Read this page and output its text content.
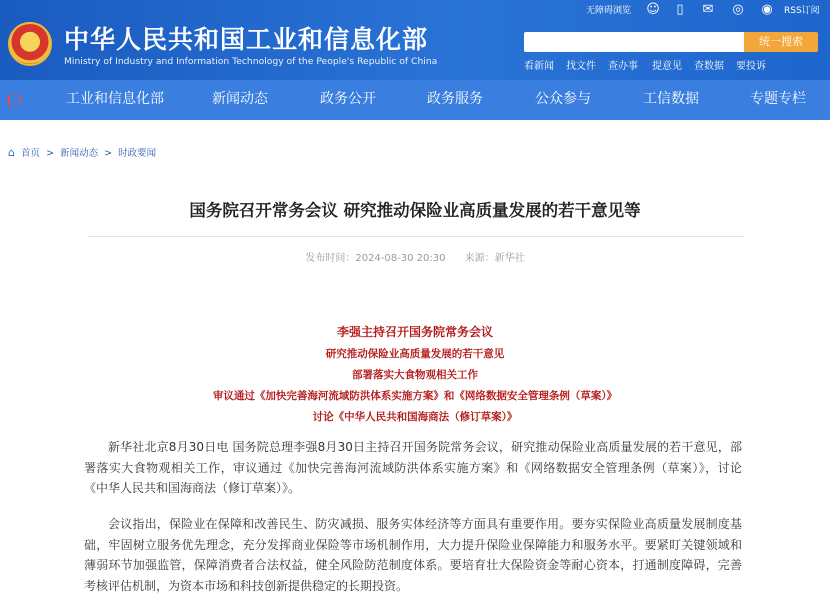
★ 中华人民共和国工业和信息化部
Ministry of Industry and Information Technology of the People's Republic of China
无障碍浏览 ☺	▯	✉ ◎ ◉	RSS订阅
统一搜索
看新闻 找文件 查办事 提意见 查数据 要投诉
℮	工业和信息化部	新闻动态	政务公开	政务服务	公众参与	工信数据	专题专栏
⌂ 首页 > 新闻动态 > 时政要闻
国务院召开常务会议 研究推动保险业高质量发展的若干意见等
发布时间：2024-08-30 20:30 来源：新华社
李强主持召开国务院常务会议
研究推动保险业高质量发展的若干意见
部署落实大食物观相关工作
审议通过《加快完善海河流域防洪体系实施方案》和《网络数据安全管理条例（草案）》
讨论《中华人民共和国海商法（修订草案）》
新华社北京8月30日电 国务院总理李强8月30日主持召开国务院常务会议，研究推动保险业高质量发展的若干意见，部署落实大食物观相关工作，审议通过《加快完善海河流域防洪体系实施方案》和《网络数据安全管理条例（草案）》，讨论《中华人民共和国海商法（修订草案）》。
会议指出，保险业在保障和改善民生、防灾减损、服务实体经济等方面具有重要作用。要夯实保险业高质量发展制度基础，牢固树立服务优先理念，充分发挥商业保险等市场机制作用，大力提升保险业保障能力和服务水平。要紧盯关键领域和薄弱环节加强监管，保障消费者合法权益，健全风险防范制度体系。要培育壮大保险资金等耐心资本，打通制度障碍，完善考核评估机制，为资本市场和科技创新提供稳定的长期投资。
